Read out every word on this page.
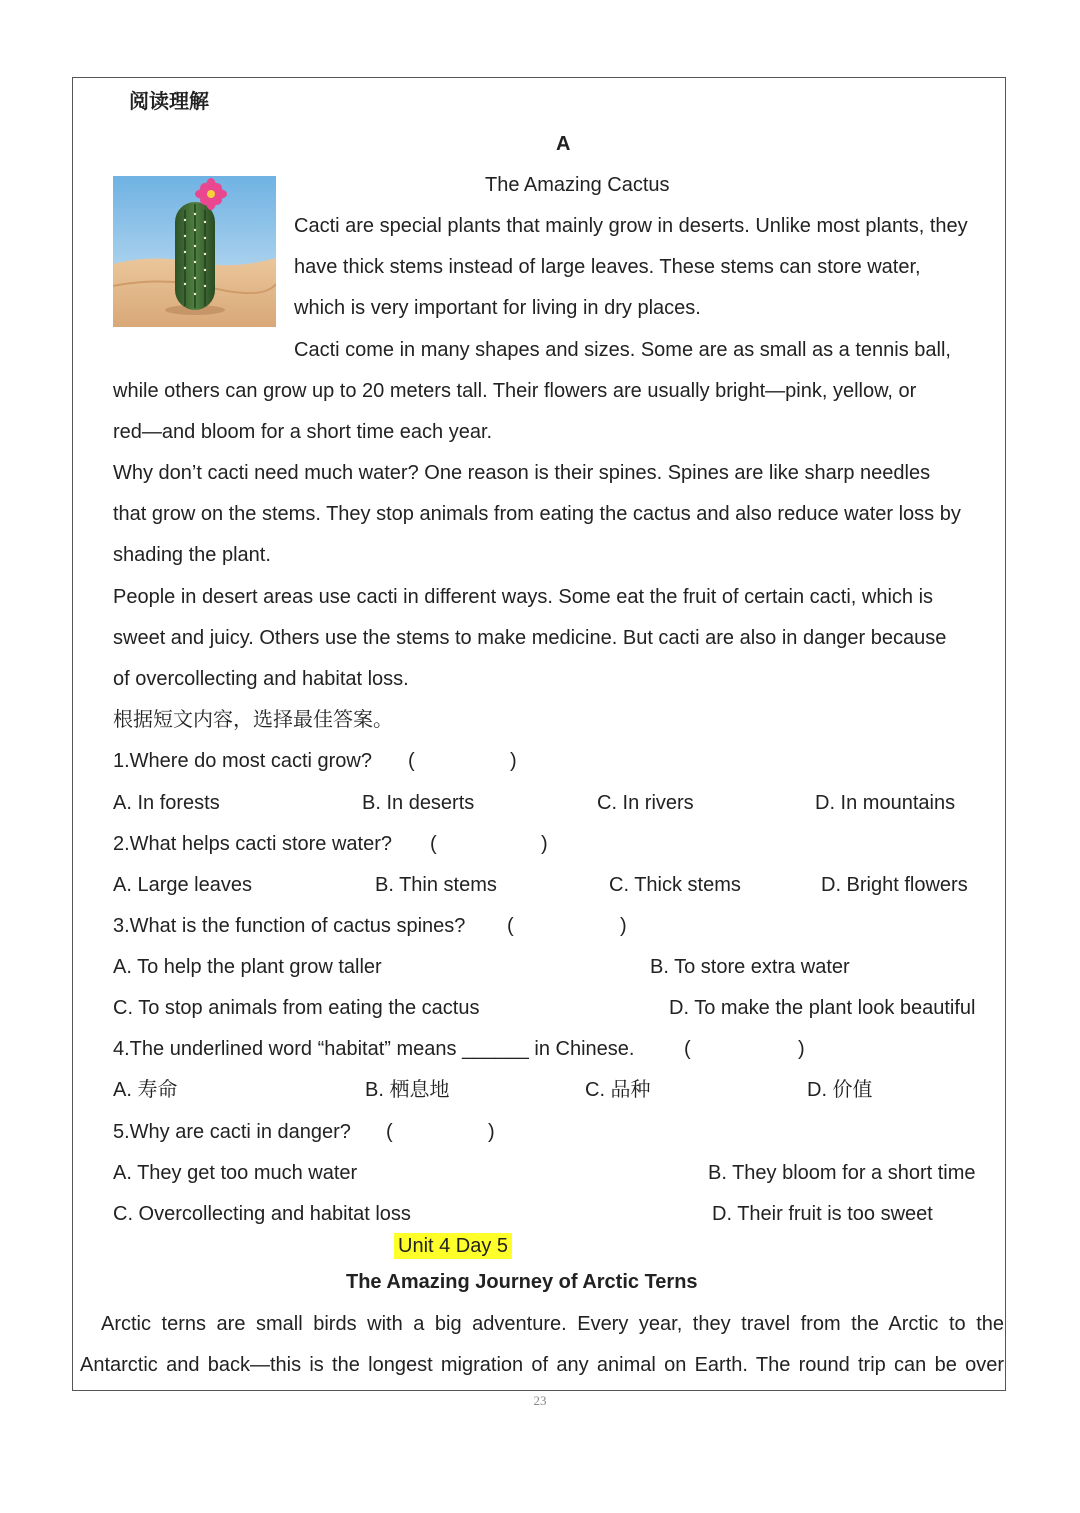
阅读理解
A
The Amazing Cactus
Cacti are special plants that mainly grow in deserts. Unlike most plants, they
have thick stems instead of large leaves. These stems can store water,
which is very important for living in dry places.
Cacti come in many shapes and sizes. Some are as small as a tennis ball,
while others can grow up to 20 meters tall. Their flowers are usually bright—pink, yellow, or
red—and bloom for a short time each year.
Why don’t cacti need much water? One reason is their spines. Spines are like sharp needles
that grow on the stems. They stop animals from eating the cactus and also reduce water loss by
shading the plant.
People in desert areas use cacti in different ways. Some eat the fruit of certain cacti, which is
sweet and juicy. Others use the stems to make medicine. But cacti are also in danger because
of overcollecting and habitat loss.
根据短文内容，选择最佳答案。
1.Where do most cacti grow? (	)
A. In forests	B. In deserts	C. In rivers	D. In mountains
2.What helps cacti store water? (	)
A. Large leaves	B. Thin stems	C. Thick stems	D. Bright flowers
3.What is the function of cactus spines? (	)
A. To help the plant grow taller	B. To store extra water
C. To stop animals from eating the cactus	D. To make the plant look beautiful
4.The underlined word “habitat” means ______ in Chinese. (	)
A. 寿命	B. 栖息地	C. 品种	D. 价值
5.Why are cacti in danger? (	)
A. They get too much water	B. They bloom for a short time
C. Overcollecting and habitat loss	D. Their fruit is too sweet
Unit 4 Day 5
The Amazing Journey of Arctic Terns
Arctic terns are small birds with a big adventure. Every year, they travel from the Arctic to the
Antarctic and back—this is the longest migration of any animal on Earth. The round trip can be over
23
